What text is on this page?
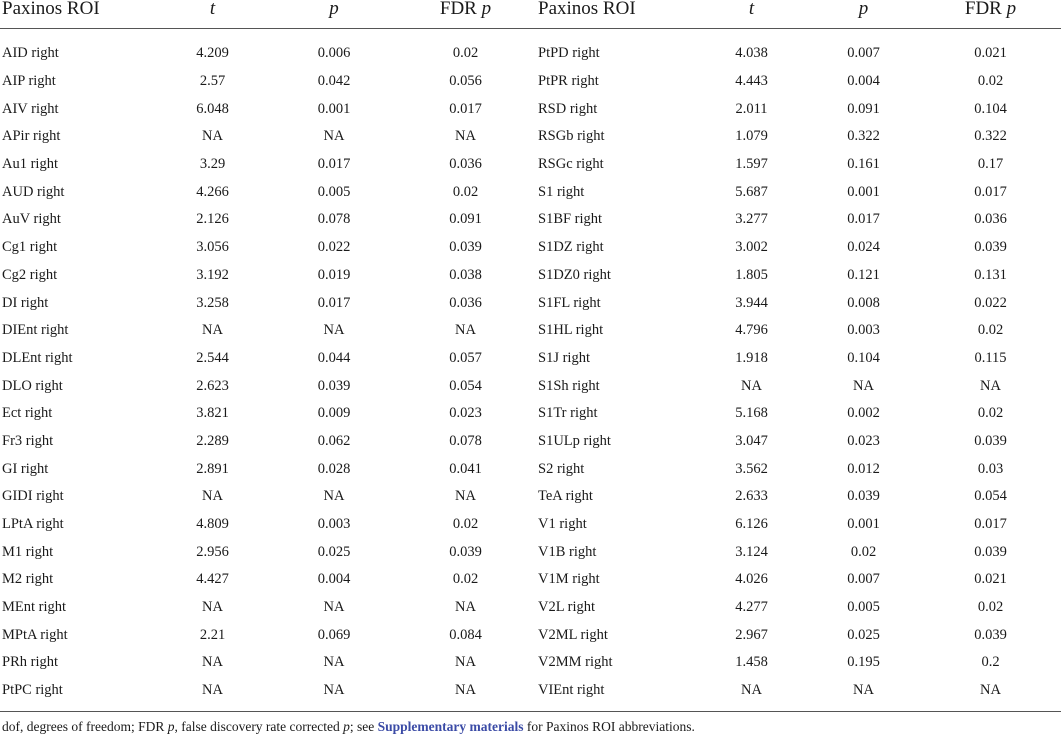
Paxinos ROI	t	p	FDR p	Paxinos ROI	t	p	FDR p

AID right	4.209	0.006	0.02	PtPD right	4.038	0.007	0.021
AIP right	2.57	0.042	0.056	PtPR right	4.443	0.004	0.02
AIV right	6.048	0.001	0.017	RSD right	2.011	0.091	0.104
APir right	NA	NA	NA	RSGb right	1.079	0.322	0.322
Au1 right	3.29	0.017	0.036	RSGc right	1.597	0.161	0.17
AUD right	4.266	0.005	0.02	S1 right	5.687	0.001	0.017
AuV right	2.126	0.078	0.091	S1BF right	3.277	0.017	0.036
Cg1 right	3.056	0.022	0.039	S1DZ right	3.002	0.024	0.039
Cg2 right	3.192	0.019	0.038	S1DZ0 right	1.805	0.121	0.131
DI right	3.258	0.017	0.036	S1FL right	3.944	0.008	0.022
DIEnt right	NA	NA	NA	S1HL right	4.796	0.003	0.02
DLEnt right	2.544	0.044	0.057	S1J right	1.918	0.104	0.115
DLO right	2.623	0.039	0.054	S1Sh right	NA	NA	NA
Ect right	3.821	0.009	0.023	S1Tr right	5.168	0.002	0.02
Fr3 right	2.289	0.062	0.078	S1ULp right	3.047	0.023	0.039
GI right	2.891	0.028	0.041	S2 right	3.562	0.012	0.03
GIDI right	NA	NA	NA	TeA right	2.633	0.039	0.054
LPtA right	4.809	0.003	0.02	V1 right	6.126	0.001	0.017
M1 right	2.956	0.025	0.039	V1B right	3.124	0.02	0.039
M2 right	4.427	0.004	0.02	V1M right	4.026	0.007	0.021
MEnt right	NA	NA	NA	V2L right	4.277	0.005	0.02
MPtA right	2.21	0.069	0.084	V2ML right	2.967	0.025	0.039
PRh right	NA	NA	NA	V2MM right	1.458	0.195	0.2
PtPC right	NA	NA	NA	VIEnt right	NA	NA	NA
dof, degrees of freedom; FDR p, false discovery rate corrected p; see Supplementary materials for Paxinos ROI abbreviations.
